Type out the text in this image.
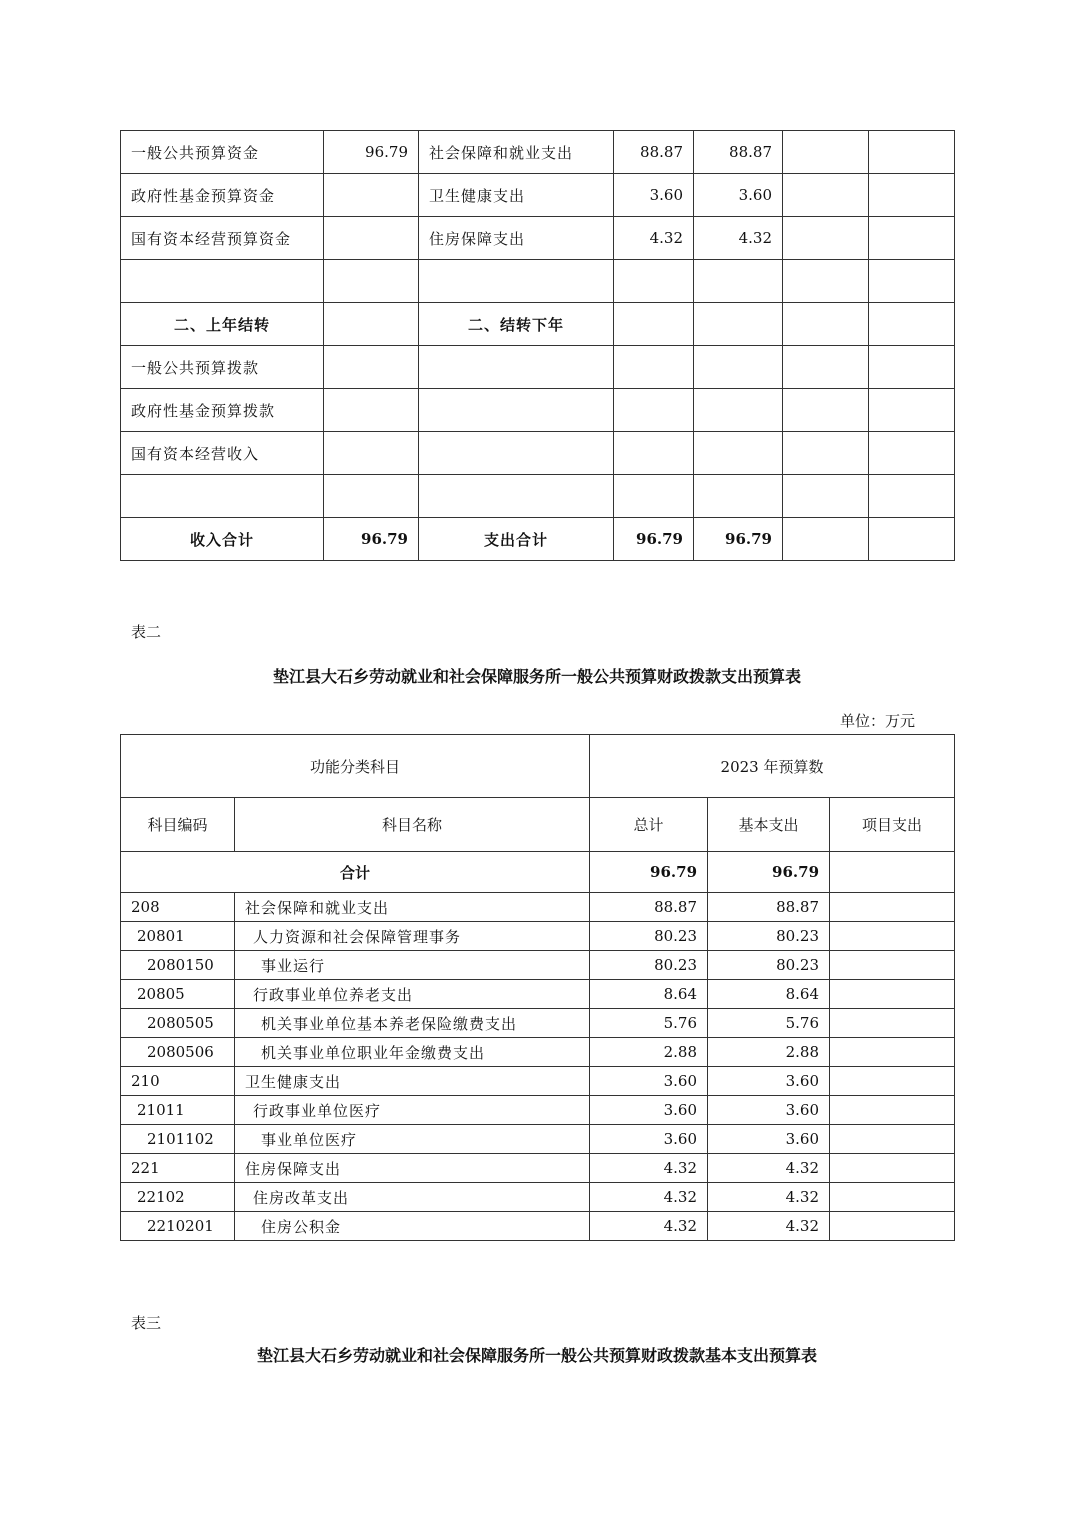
一般公共预算资金	96.79	社会保障和就业支出	88.87	88.87		
政府性基金预算资金		卫生健康支出	3.60	3.60		
国有资本经营预算资金		住房保障支出	4.32	4.32		

二、上年结转		二、结转下年				
一般公共预算拨款						
政府性基金预算拨款						
国有资本经营收入						

收入合计	96.79	支出合计	96.79	96.79		
表二
垫江县大石乡劳动就业和社会保障服务所一般公共预算财政拨款支出预算表
单位：万元
功能分类科目		2023 年预算数		
科目编码	科目名称	总计	基本支出	项目支出
合计		96.79	96.79	
208	社会保障和就业支出	88.87	88.87	
20801	人力资源和社会保障管理事务	80.23	80.23	
2080150	事业运行	80.23	80.23	
20805	行政事业单位养老支出	8.64	8.64	
2080505	机关事业单位基本养老保险缴费支出	5.76	5.76	
2080506	机关事业单位职业年金缴费支出	2.88	2.88	
210	卫生健康支出	3.60	3.60	
21011	行政事业单位医疗	3.60	3.60	
2101102	事业单位医疗	3.60	3.60	
221	住房保障支出	4.32	4.32	
22102	住房改革支出	4.32	4.32	
2210201	住房公积金	4.32	4.32	
表三
垫江县大石乡劳动就业和社会保障服务所一般公共预算财政拨款基本支出预算表
